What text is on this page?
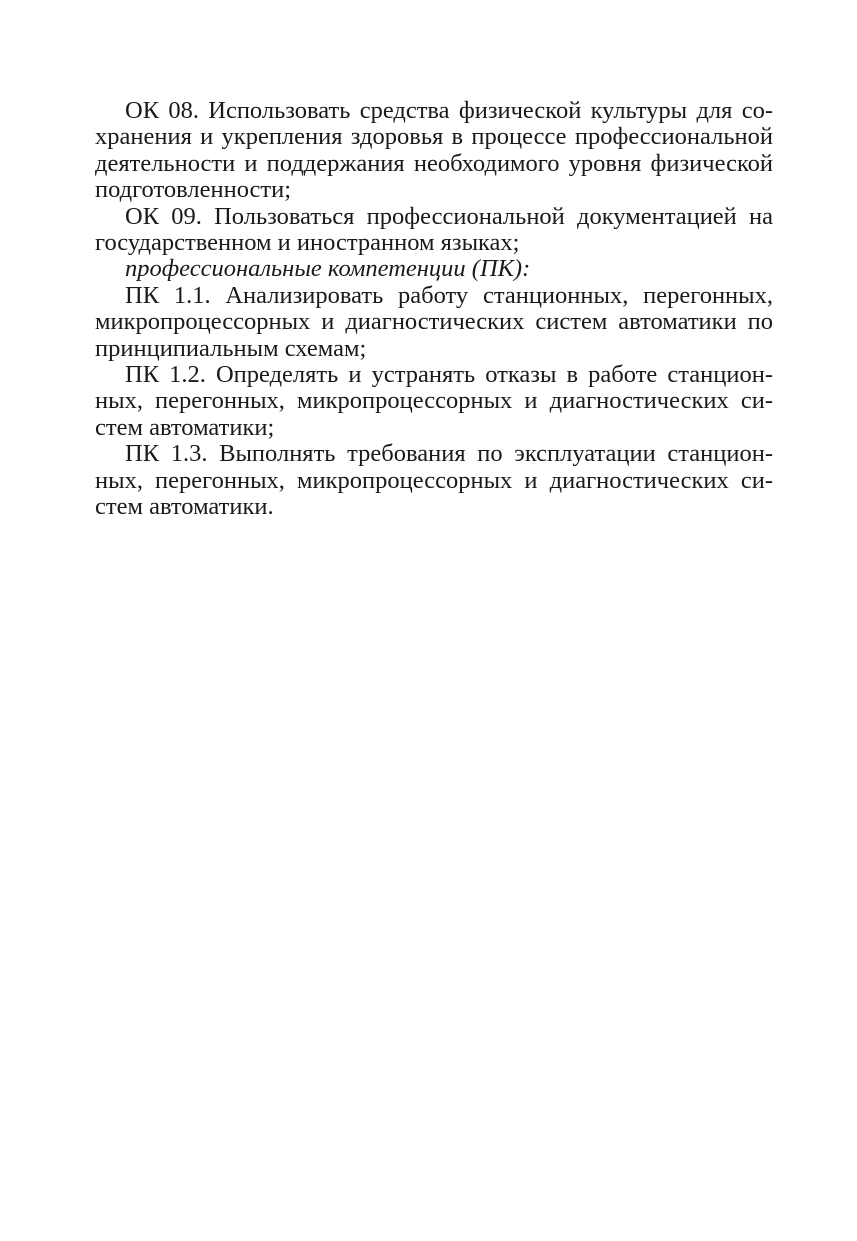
ОК 08. Использовать средства физической культуры для сохранения и укрепления здоровья в процессе профессиональной деятельности и поддержания необходимого уровня физической подготовленности;

ОК 09. Пользоваться профессиональной документацией на государственном и иностранном языках;

профессиональные компетенции (ПК):

ПК 1.1. Анализировать работу станционных, перегонных, микропроцессорных и диагностических систем автоматики по принципиальным схемам;

ПК 1.2. Определять и устранять отказы в работе станционных, перегонных, микропроцессорных и диагностических систем автоматики;

ПК 1.3. Выполнять требования по эксплуатации станционных, перегонных, микропроцессорных и диагностических систем автоматики.
